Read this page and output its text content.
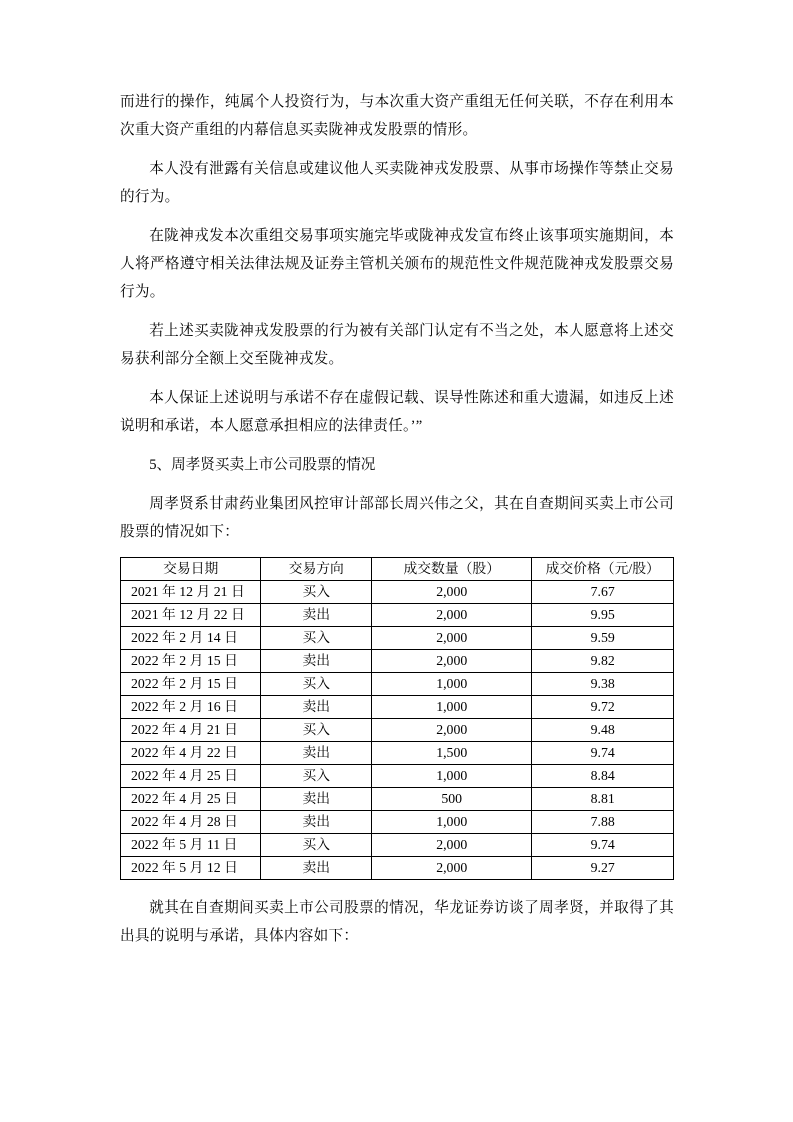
而进行的操作，纯属个人投资行为，与本次重大资产重组无任何关联，不存在利用本次重大资产重组的内幕信息买卖陇神戎发股票的情形。

本人没有泄露有关信息或建议他人买卖陇神戎发股票、从事市场操作等禁止交易的行为。

在陇神戎发本次重组交易事项实施完毕或陇神戎发宣布终止该事项实施期间，本人将严格遵守相关法律法规及证券主管机关颁布的规范性文件规范陇神戎发股票交易行为。

若上述买卖陇神戎发股票的行为被有关部门认定有不当之处，本人愿意将上述交易获利部分全额上交至陇神戎发。

本人保证上述说明与承诺不存在虚假记载、误导性陈述和重大遗漏，如违反上述说明和承诺，本人愿意承担相应的法律责任。’”

5、周孝贤买卖上市公司股票的情况

周孝贤系甘肃药业集团风控审计部部长周兴伟之父，其在自查期间买卖上市公司股票的情况如下：

交易日期	交易方向	成交数量（股）	成交价格（元/股）
2021 年 12 月 21 日	买入	2,000	7.67
2021 年 12 月 22 日	卖出	2,000	9.95
2022 年 2 月 14 日	买入	2,000	9.59
2022 年 2 月 15 日	卖出	2,000	9.82
2022 年 2 月 15 日	买入	1,000	9.38
2022 年 2 月 16 日	卖出	1,000	9.72
2022 年 4 月 21 日	买入	2,000	9.48
2022 年 4 月 22 日	卖出	1,500	9.74
2022 年 4 月 25 日	买入	1,000	8.84
2022 年 4 月 25 日	卖出	500	8.81
2022 年 4 月 28 日	卖出	1,000	7.88
2022 年 5 月 11 日	买入	2,000	9.74
2022 年 5 月 12 日	卖出	2,000	9.27

就其在自查期间买卖上市公司股票的情况，华龙证券访谈了周孝贤，并取得了其出具的说明与承诺，具体内容如下：
